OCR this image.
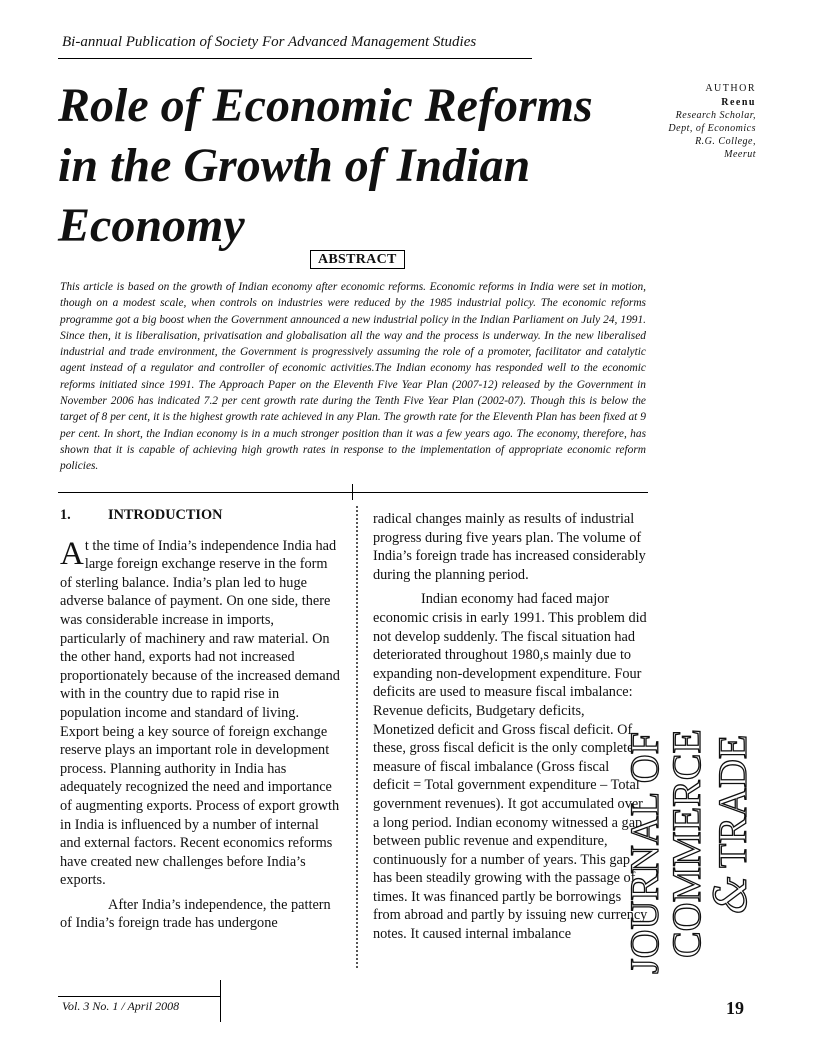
Bi-annual Publication of Society For Advanced Management Studies
Role of Economic Reforms in the Growth of Indian Economy
AUTHOR
Reenu
Research Scholar,
Dept, of Economics
R.G. College,
Meerut
ABSTRACT

This article is based on the growth of Indian economy after economic reforms. Economic reforms in India were set in motion, though on a modest scale, when controls on industries were reduced by the 1985 industrial policy. The economic reforms programme got a big boost when the Government announced a new industrial policy in the Indian Parliament on July 24, 1991. Since then, it is liberalisation, privatisation and globalisation all the way and the process is underway. In the new liberalised industrial and trade environment, the Government is progressively assuming the role of a promoter, facilitator and catalytic agent instead of a regulator and controller of economic activities.The Indian economy has responded well to the economic reforms initiated since 1991. The Approach Paper on the Eleventh Five Year Plan (2007-12) released by the Government in November 2006 has indicated 7.2 per cent growth rate during the Tenth Five Year Plan (2002-07). Though this is below the target of 8 per cent, it is the highest growth rate achieved in any Plan. The growth rate for the Eleventh Plan has been fixed at 9 per cent. In short, the Indian economy is in a much stronger position than it was a few years ago. The economy, therefore, has shown that it is capable of achieving high growth rates in response to the implementation of appropriate economic reform policies.

1.	INTRODUCTION

At the time of India’s independence India had large foreign exchange reserve in the form of sterling balance. India’s plan led to huge adverse balance of payment. On one side, there was considerable increase in imports, particularly of machinery and raw material. On the other hand, exports had not increased proportionately because of the increased demand with in the country due to rapid rise in population income and standard of living. Export being a key source of foreign exchange reserve plays an important role in development process. Planning authority in India has adequately recognized the need and importance of augmenting exports. Process of export growth in India is influenced by a number of internal and external factors. Recent economics reforms have created new challenges before India’s exports.

After India’s independence, the pattern of India’s foreign trade has undergone

radical changes mainly as results of industrial progress during five years plan. The volume of India’s foreign trade has increased considerably during the planning period.

Indian economy had faced major economic crisis in early 1991. This problem did not develop suddenly. The fiscal situation had deteriorated throughout 1980,s mainly due to expanding non-development expenditure. Four deficits are used to measure fiscal imbalance: Revenue deficits, Budgetary deficits, Monetized deficit and Gross fiscal deficit. Of these, gross fiscal deficit is the only complete measure of fiscal imbalance (Gross fiscal deficit = Total government expenditure – Total government revenues). It got accumulated over a long period. Indian economy witnessed a gap between public revenue and expenditure, continuously for a number of years. This gap has been steadily growing with the passage of times. It was financed partly be borrowings from abroad and partly by issuing new currency notes. It caused internal imbalance	JOURNAL OF
COMMERCE
&
TRADE
Vol. 3 No. 1 / April 2008	19
